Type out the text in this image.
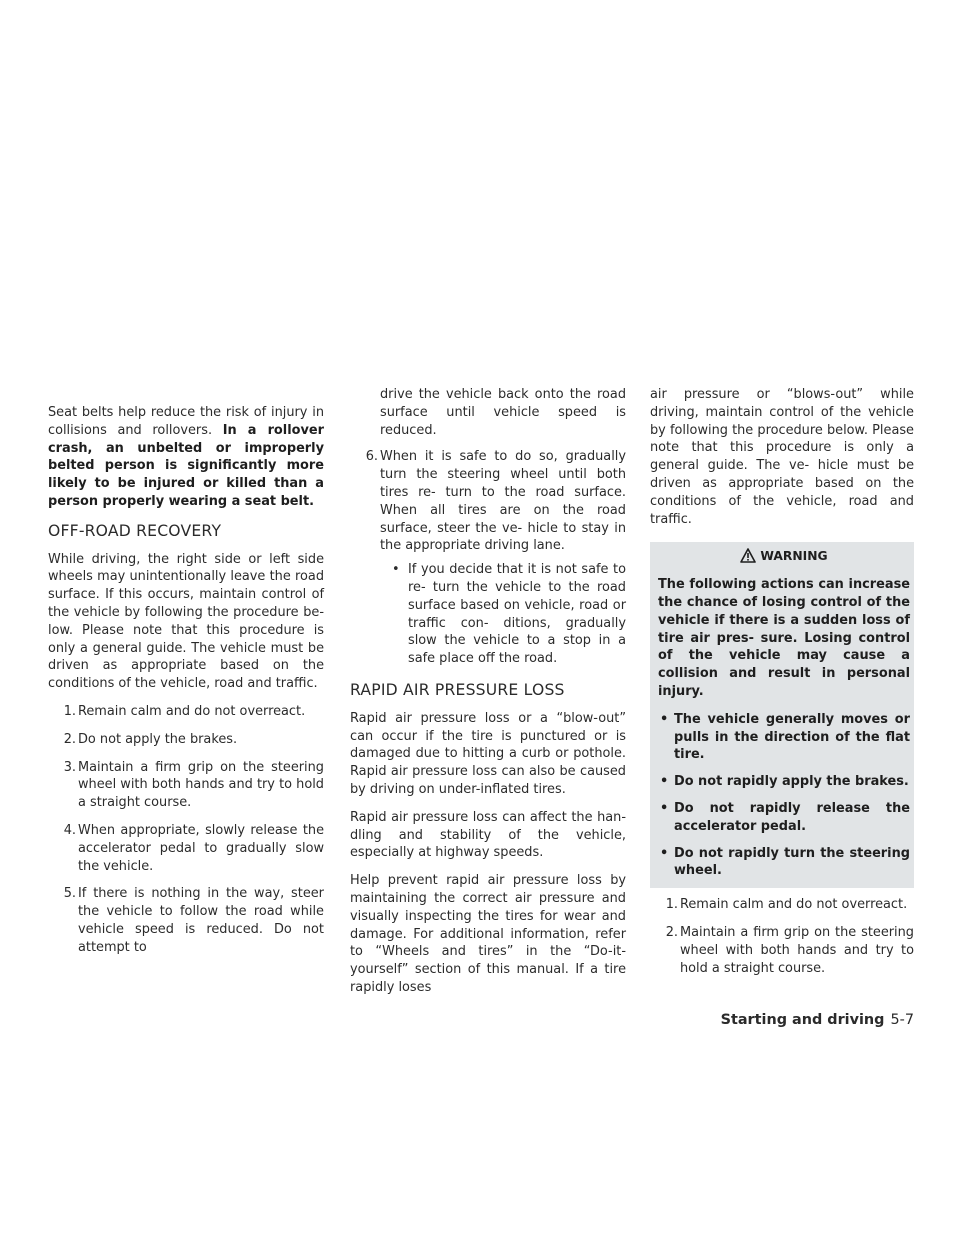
Seat belts help reduce the risk of injury in collisions and rollovers. In a rollover crash, an unbelted or improperly belted person is significantly more likely to be injured or killed than a person properly wearing a seat belt.

OFF-ROAD RECOVERY

While driving, the right side or left side wheels may unintentionally leave the road surface. If this occurs, maintain control of the vehicle by following the procedure be- low. Please note that this procedure is only a general guide. The vehicle must be driven as appropriate based on the conditions of the vehicle, road and traffic.

1 . Remain calm and do not overreact.
2 . Do not apply the brakes.
3 . Maintain a firm grip on the steering wheel with both hands and try to hold a straight course.
4 . When appropriate, slowly release the accelerator pedal to gradually slow the vehicle.
5 . If there is nothing in the way, steer the vehicle to follow the road while vehicle speed is reduced. Do not attempt to
drive the vehicle back onto the road surface until vehicle speed is reduced.
6 . When it is safe to do so, gradually turn the steering wheel until both tires re- turn to the road surface. When all tires are on the road surface, steer the ve- hicle to stay in the appropriate driving lane.
• If you decide that it is not safe to re- turn the vehicle to the road surface based on vehicle, road or traffic con- ditions, gradually slow the vehicle to a stop in a safe place off the road.
RAPID AIR PRESSURE LOSS

Rapid air pressure loss or a “blow-out” can occur if the tire is punctured or is damaged due to hitting a curb or pothole. Rapid air pressure loss can also be caused by driving on under-inflated tires.

Rapid air pressure loss can affect the han- dling and stability of the vehicle, especially at highway speeds.

Help prevent rapid air pressure loss by maintaining the correct air pressure and visually inspecting the tires for wear and damage. For additional information, refer to “Wheels and tires” in the “Do-it-yourself” section of this manual. If a tire rapidly loses

air pressure or “blows-out” while driving, maintain control of the vehicle by following the procedure below. Please note that this procedure is only a general guide. The ve- hicle must be driven as appropriate based on the conditions of the vehicle, road and traffic.

WARNING

The following actions can increase the chance of losing control of the vehicle if there is a sudden loss of tire air pres- sure. Losing control of the vehicle may cause a collision and result in personal injury.

• The vehicle generally moves or pulls in the direction of the flat tire.
• Do not rapidly apply the brakes.
• Do not rapidly release the accelerator pedal.
• Do not rapidly turn the steering wheel.
1 . Remain calm and do not overreact.
2 . Maintain a firm grip on the steering wheel with both hands and try to hold a straight course.
Starting and driving 5-7
